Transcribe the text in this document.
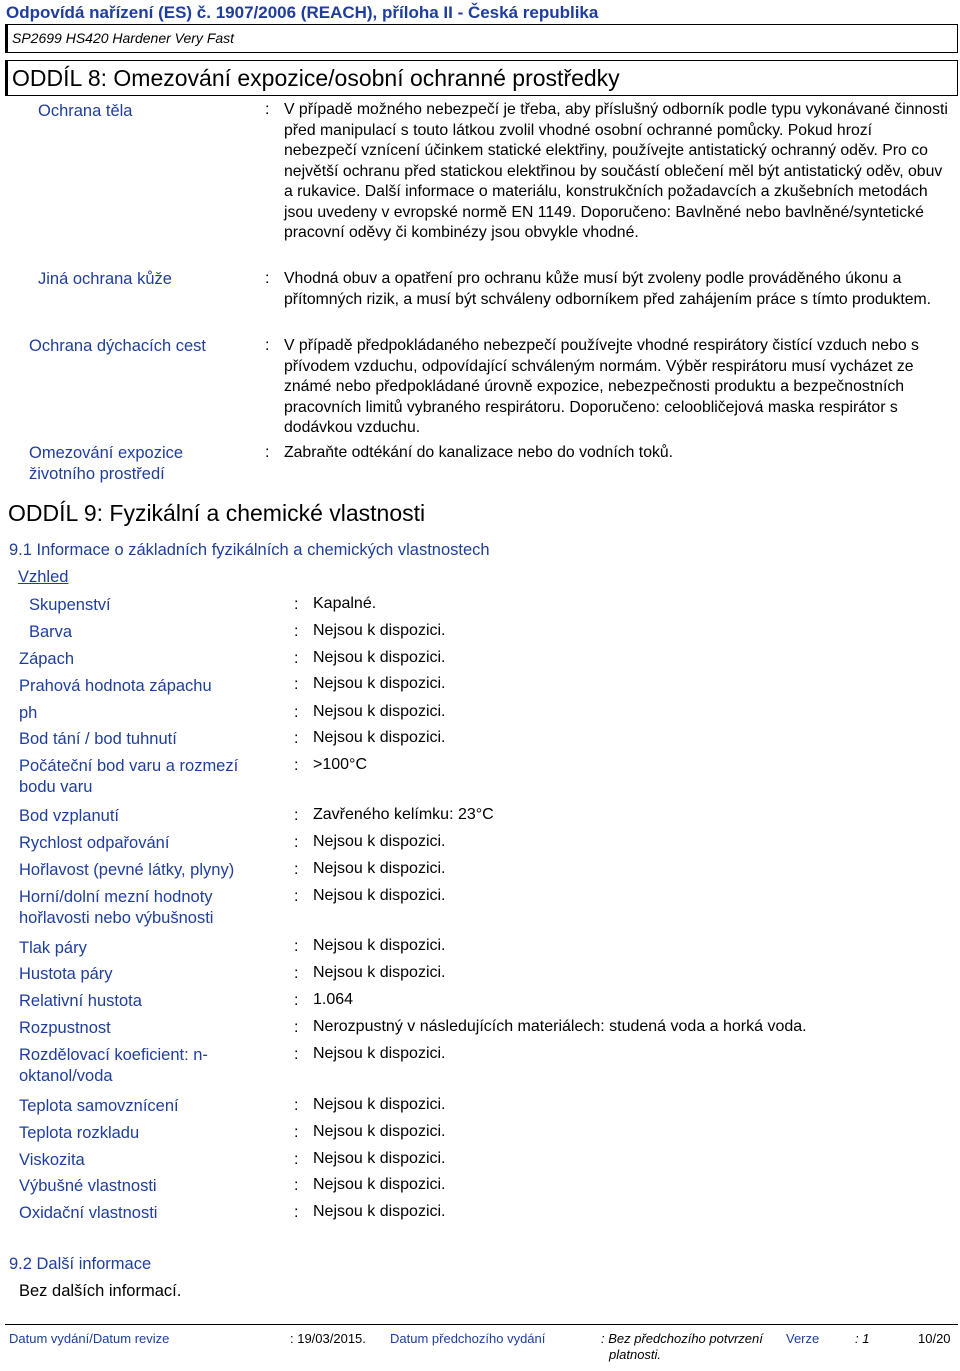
Odpovídá nařízení (ES) č. 1907/2006 (REACH), příloha II - Česká republika
SP2699 HS420 Hardener Very Fast
ODDÍL 8: Omezování expozice/osobní ochranné prostředky
Ochrana těla	: V případě možného nebezpečí je třeba, aby příslušný odborník podle typu vykonávané činnosti před manipulací s touto látkou zvolil vhodné osobní ochranné pomůcky. Pokud hrozí nebezpečí vznícení účinkem statické elektřiny, používejte antistatický ochranný oděv. Pro co největší ochranu před statickou elektřinou by součástí oblečení měl být antistatický oděv, obuv a rukavice. Další informace o materiálu, konstrukčních požadavcích a zkušebních metodách jsou uvedeny v evropské normě EN 1149. Doporučeno: Bavlněné nebo bavlněné/syntetické pracovní oděvy či kombinézy jsou obvykle vhodné.
Jiná ochrana kůže	: Vhodná obuv a opatření pro ochranu kůže musí být zvoleny podle prováděného úkonu a přítomných rizik, a musí být schváleny odborníkem před zahájením práce s tímto produktem.
Ochrana dýchacích cest	: V případě předpokládaného nebezpečí používejte vhodné respirátory čistící vzduch nebo s přívodem vzduchu, odpovídající schváleným normám. Výběr respirátoru musí vycházet ze známé nebo předpokládané úrovně expozice, nebezpečnosti produktu a bezpečnostních pracovních limitů vybraného respirátoru. Doporučeno: celoobličejová maska respirátor s dodávkou vzduchu.
Omezování expozice životního prostředí
: Zabraňte odtékání do kanalizace nebo do vodních toků.
ODDÍL 9: Fyzikální a chemické vlastnosti
9.1 Informace o základních fyzikálních a chemických vlastnostech
Vzhled
Skupenství	: Kapalné.
Barva	: Nejsou k dispozici.
Zápach	: Nejsou k dispozici.
Prahová hodnota zápachu	: Nejsou k dispozici.
ph	: Nejsou k dispozici.
Bod tání / bod tuhnutí	: Nejsou k dispozici.
Počáteční bod varu a rozmezí bodu varu
: >100°C
Bod vzplanutí	: Zavřeného kelímku: 23°C
Rychlost odpařování	: Nejsou k dispozici.
Hořlavost (pevné látky, plyny)	: Nejsou k dispozici.
Horní/dolní mezní hodnoty hořlavosti nebo výbušnosti
: Nejsou k dispozici.
Tlak páry	: Nejsou k dispozici.
Hustota páry	: Nejsou k dispozici.
Relativní hustota	: 1.064
Rozpustnost	: Nerozpustný v následujících materiálech: studená voda a horká voda.
Rozdělovací koeficient: n-oktanol/voda
: Nejsou k dispozici.
Teplota samovznícení	: Nejsou k dispozici.
Teplota rozkladu	: Nejsou k dispozici.
Viskozita	: Nejsou k dispozici.
Výbušné vlastnosti	: Nejsou k dispozici.
Oxidační vlastnosti	: Nejsou k dispozici.
9.2 Další informace
Bez dalších informací.
Datum vydání/Datum revize	: 19/03/2015. Datum předchozího vydání	: Bez předchozího potvrzení
platnosti.
Verze	: 1	10/20
